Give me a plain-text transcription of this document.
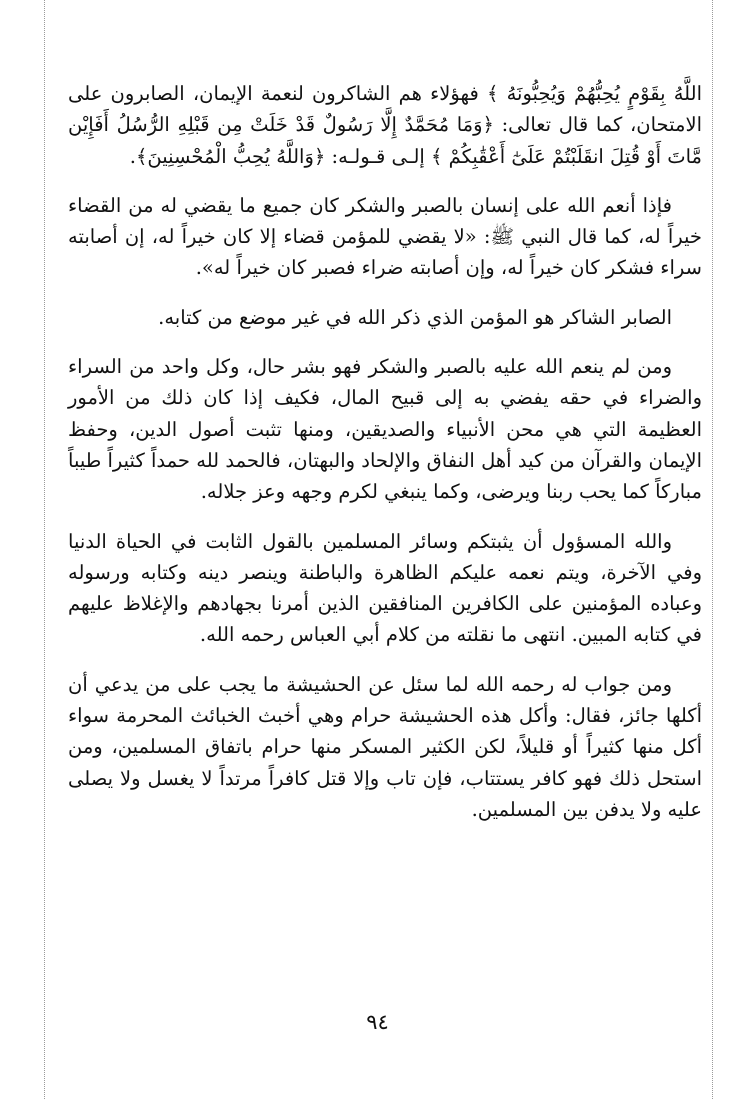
اللَّهُ بِقَوْمٍ يُحِبُّهُمْ وَيُحِبُّونَهُ ﴾ فهؤلاء هم الشاكرون لنعمة الإيمان، الصابرون على الامتحان، كما قال تعالى: ﴿وَمَا مُحَمَّدٌ إِلَّا رَسُولٌ قَدْ خَلَتْ مِن قَبْلِهِ الرُّسُلُ أَفَإِيْن مَّاتَ أَوْ قُتِلَ انقَلَبْتُمْ عَلَىٰٓ أَعْقَٰبِكُمْ ﴾ إلـى قـولـه: ﴿وَاللَّهُ يُحِبُّ الْمُحْسِنِينَ﴾.

فإذا أنعم الله على إنسان بالصبر والشكر كان جميع ما يقضي له من القضاء خيراً له، كما قال النبي ﷺ: «لا يقضي للمؤمن قضاء إلا كان خيراً له، إن أصابته سراء فشكر كان خيراً له، وإن أصابته ضراء فصبر كان خيراً له».

الصابر الشاكر هو المؤمن الذي ذكر الله في غير موضع من كتابه.

ومن لم ينعم الله عليه بالصبر والشكر فهو بشر حال، وكل واحد من السراء والضراء في حقه يفضي به إلى قبيح المال، فكيف إذا كان ذلك من الأمور العظيمة التي هي محن الأنبياء والصديقين، ومنها تثبت أصول الدين، وحفظ الإيمان والقرآن من كيد أهل النفاق والإلحاد والبهتان، فالحمد لله حمداً كثيراً طيباً مباركاً كما يحب ربنا ويرضى، وكما ينبغي لكرم وجهه وعز جلاله.

والله المسؤول أن يثبتكم وسائر المسلمين بالقول الثابت في الحياة الدنيا وفي الآخرة، ويتم نعمه عليكم الظاهرة والباطنة وينصر دينه وكتابه ورسوله وعباده المؤمنين على الكافرين المنافقين الذين أمرنا بجهادهم والإغلاظ عليهم في كتابه المبين. انتهى ما نقلته من كلام أبي العباس رحمه الله.

ومن جواب له رحمه الله لما سئل عن الحشيشة ما يجب على من يدعي أن أكلها جائز، فقال: وأكل هذه الحشيشة حرام وهي أخبث الخبائث المحرمة سواء أكل منها كثيراً أو قليلاً، لكن الكثير المسكر منها حرام باتفاق المسلمين، ومن استحل ذلك فهو كافر يستتاب، فإن تاب وإلا قتل كافراً مرتداً لا يغسل ولا يصلى عليه ولا يدفن بين المسلمين.

٩٤
